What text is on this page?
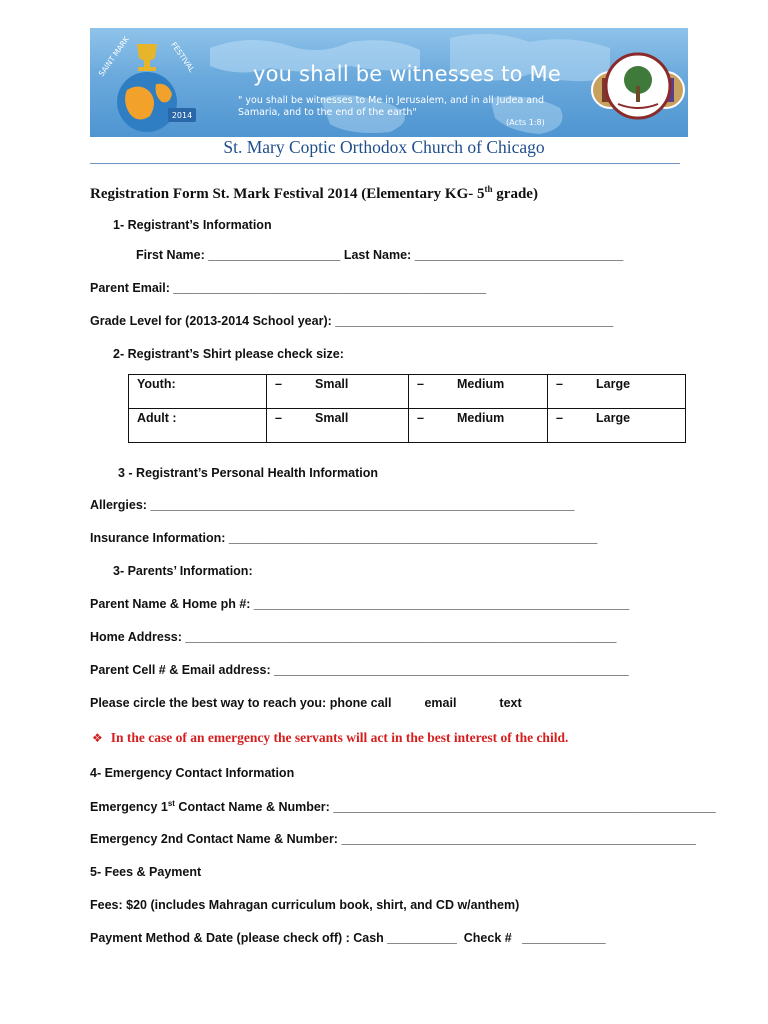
SAINT MARK	FESTIVAL
2014
you shall be witnesses to Me
" you shall be witnesses to Me in Jerusalem, and in all Judea and Samaria, and to the end of the earth"
(Acts 1:8)
St. Mary Coptic Orthodox Church of Chicago
Registration Form St. Mark Festival 2014 (Elementary KG- 5th grade)
1- Registrant’s Information
First Name: ___________________ Last Name: ______________________________
Parent Email: _____________________________________________
Grade Level for (2013-2014 School year): ________________________________________
2- Registrant’s Shirt please check size:
Youth:	– Small	– Medium	– Large
Adult :	– Small	– Medium	– Large
3 - Registrant’s Personal Health Information
Allergies: _____________________________________________________________
Insurance Information: _____________________________________________________
3- Parents’ Information:
Parent Name & Home ph #: ______________________________________________________
Home Address: ______________________________________________________________
Parent Cell # & Email address: ___________________________________________________
Please circle the best way to reach you: phone call	email	text
❖ In the case of an emergency the servants will act in the best interest of the child.
4- Emergency Contact Information
Emergency 1st Contact Name & Number: _______________________________________________________
Emergency 2nd Contact Name & Number: ___________________________________________________
5- Fees & Payment
Fees: $20 (includes Mahragan curriculum book, shirt, and CD w/anthem)
Payment Method & Date (please check off) : Cash __________  Check #   ____________
